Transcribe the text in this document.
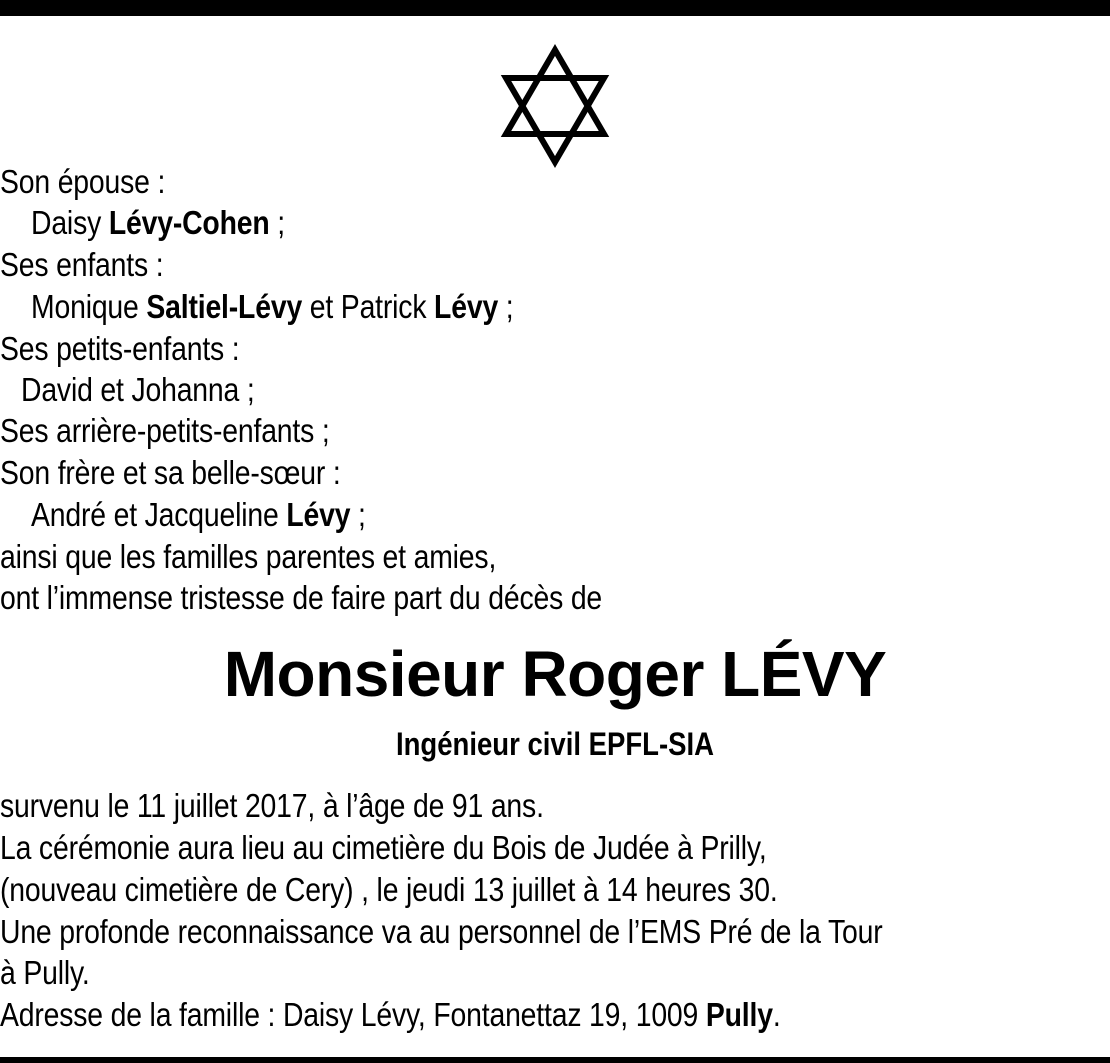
Son épouse :
Daisy Lévy-Cohen ;
Ses enfants :
Monique Saltiel-Lévy et Patrick Lévy ;
Ses petits-enfants :
David et Johanna ;
Ses arrière-petits-enfants ;
Son frère et sa belle-sœur :
André et Jacqueline Lévy ;
ainsi que les familles parentes et amies,
ont l’immense tristesse de faire part du décès de
Monsieur Roger LÉVY
Ingénieur civil EPFL-SIA
survenu le 11 juillet 2017, à l’âge de 91 ans.
La cérémonie aura lieu au cimetière du Bois de Judée à Prilly,
(nouveau cimetière de Cery) , le jeudi 13 juillet à 14 heures 30.
Une profonde reconnaissance va au personnel de l’EMS Pré de la Tour
à Pully.
Adresse de la famille : Daisy Lévy, Fontanettaz 19, 1009 Pully.
